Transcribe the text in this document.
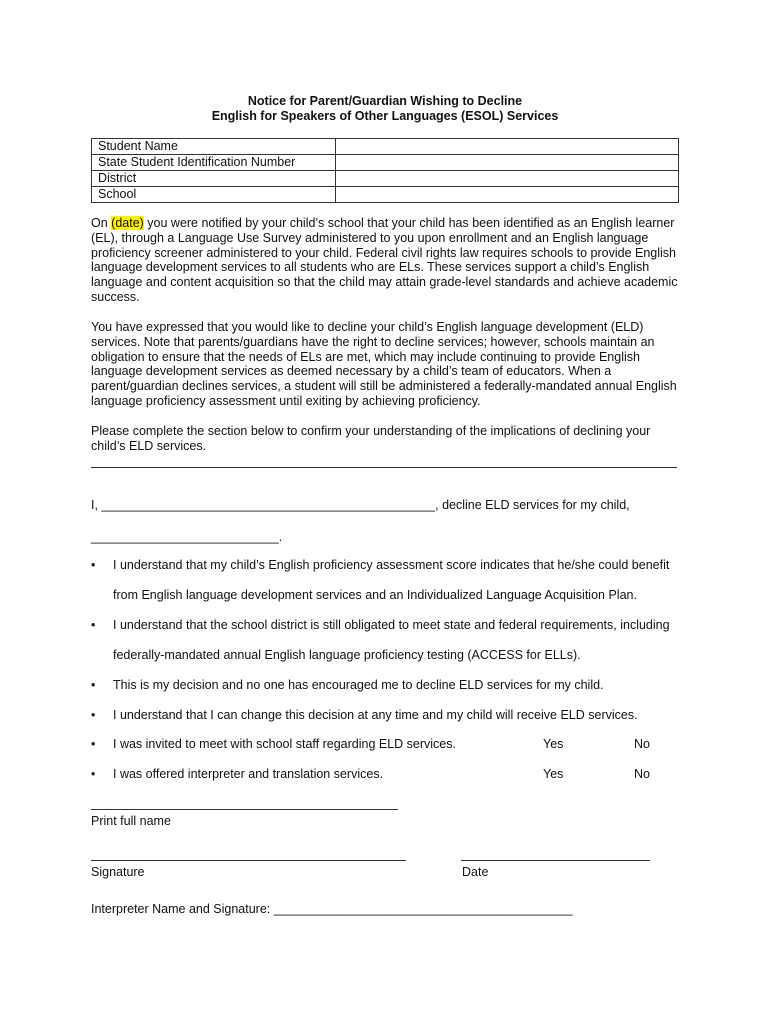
Notice for Parent/Guardian Wishing to Decline
English for Speakers of Other Languages (ESOL) Services
Student Name	
State Student Identification Number	
District	
School	
On (date) you were notified by your child’s school that your child has been identified as an English learner (EL), through a Language Use Survey administered to you upon enrollment and an English language proficiency screener administered to your child. Federal civil rights law requires schools to provide English language development services to all students who are ELs. These services support a child’s English language and content acquisition so that the child may attain grade-level standards and achieve academic success.
You have expressed that you would like to decline your child’s English language development (ELD) services. Note that parents/guardians have the right to decline services; however, schools maintain an obligation to ensure that the needs of ELs are met, which may include continuing to provide English language development services as deemed necessary by a child’s team of educators. When a parent/guardian declines services, a student will still be administered a federally-mandated annual English language proficiency assessment until exiting by achieving proficiency.
Please complete the section below to confirm your understanding of the implications of declining your child’s ELD services.
I, ________________________________________________, decline ELD services for my child,
___________________________.
• I understand that my child’s English proficiency assessment score indicates that he/she could benefit
from English language development services and an Individualized Language Acquisition Plan.
• I understand that the school district is still obligated to meet state and federal requirements, including
federally-mandated annual English language proficiency testing (ACCESS for ELLs).
• This is my decision and no one has encouraged me to decline ELD services for my child.
• I understand that I can change this decision at any time and my child will receive ELD services.
• I was invited to meet with school staff regarding ELD services.	Yes	No
• I was offered interpreter and translation services.	Yes	No
Print full name
Signature	Date
Interpreter Name and Signature: ___________________________________________
